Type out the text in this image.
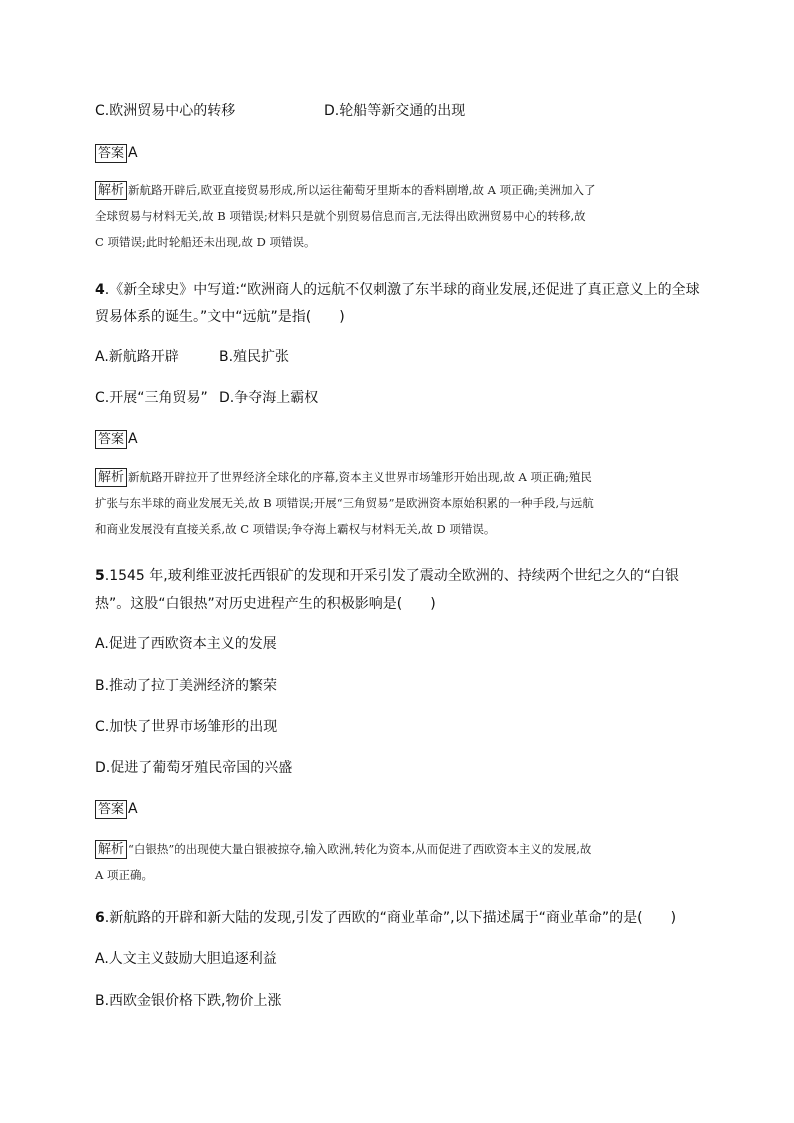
C.欧洲贸易中心的转移	D.轮船等新交通的出现
答案 A
解析 新航路开辟后,欧亚直接贸易形成,所以运往葡萄牙里斯本的香料剧增,故 A 项正确;美洲加入了
全球贸易与材料无关,故 B 项错误;材料只是就个别贸易信息而言,无法得出欧洲贸易中心的转移,故
C 项错误;此时轮船还未出现,故 D 项错误。
4.《新全球史》中写道:“欧洲商人的远航不仅刺激了东半球的商业发展,还促进了真正意义上的全球
贸易体系的诞生。”文中“远航”是指(　　)
A.新航路开辟	B.殖民扩张
C.开展“三角贸易” D.争夺海上霸权
答案 A
解析 新航路开辟拉开了世界经济全球化的序幕,资本主义世界市场雏形开始出现,故 A 项正确;殖民
扩张与东半球的商业发展无关,故 B 项错误;开展“三角贸易”是欧洲资本原始积累的一种手段,与远航
和商业发展没有直接关系,故 C 项错误;争夺海上霸权与材料无关,故 D 项错误。
5.1545 年,玻利维亚波托西银矿的发现和开采引发了震动全欧洲的、持续两个世纪之久的“白银
热”。这股“白银热”对历史进程产生的积极影响是(　　)
A.促进了西欧资本主义的发展
B.推动了拉丁美洲经济的繁荣
C.加快了世界市场雏形的出现
D.促进了葡萄牙殖民帝国的兴盛
答案 A
解析 “白银热”的出现使大量白银被掠夺,输入欧洲,转化为资本,从而促进了西欧资本主义的发展,故
A 项正确。
6.新航路的开辟和新大陆的发现,引发了西欧的“商业革命”,以下描述属于“商业革命”的是(　　)
A.人文主义鼓励大胆追逐利益
B.西欧金银价格下跌,物价上涨
